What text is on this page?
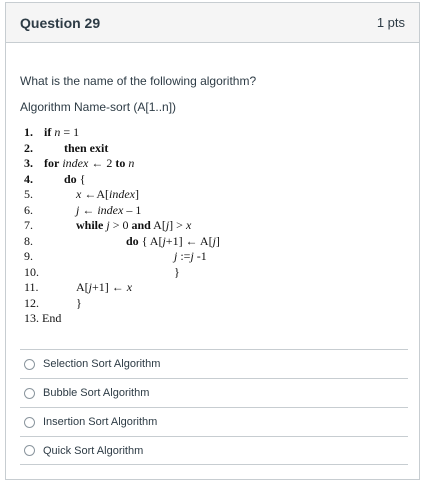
Question 29	1 pts
What is the name of the following algorithm?
Algorithm Name-sort (A[1..n])
1. if n = 1
2.	then exit
3. for index ← 2 to n
4.	do {
5.	x ←A[index]
6.	j ← index – 1
7.	while j > 0 and A[j] > x
8.	do { A[j+1] ← A[j]
9.	j :=j -1
10.	}
11.	A[j+1] ← x
12.	}
13. End
Selection Sort Algorithm
Bubble Sort Algorithm
Insertion Sort Algorithm
Quick Sort Algorithm
